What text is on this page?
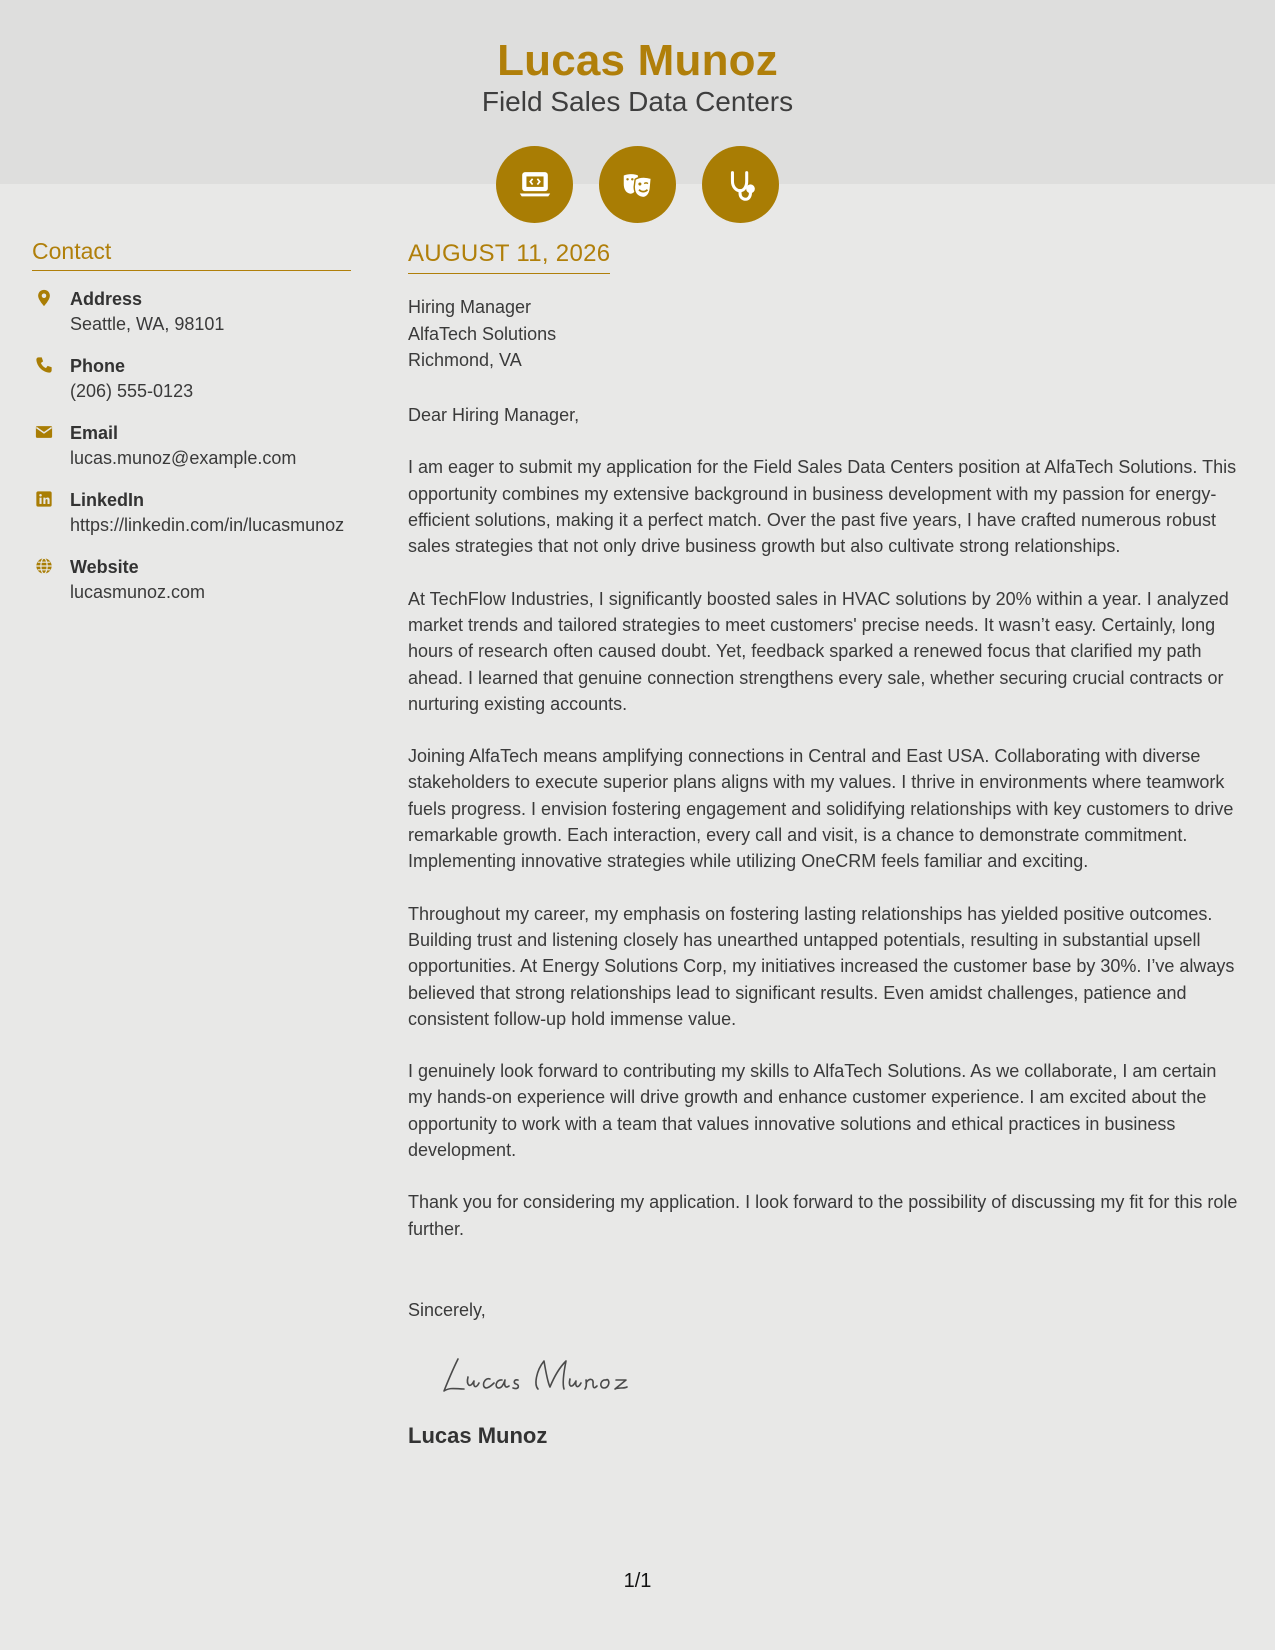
Lucas Munoz
Field Sales Data Centers
Contact
Address
Seattle, WA, 98101
Phone
(206) 555-0123
Email
lucas.munoz@example.com
LinkedIn
https://linkedin.com/in/lucasmunoz
Website
lucasmunoz.com
AUGUST 11, 2026
Hiring Manager
AlfaTech Solutions
Richmond, VA
Dear Hiring Manager,
I am eager to submit my application for the Field Sales Data Centers position at AlfaTech Solutions. This opportunity combines my extensive background in business development with my passion for energy-efficient solutions, making it a perfect match. Over the past five years, I have crafted numerous robust sales strategies that not only drive business growth but also cultivate strong relationships.
At TechFlow Industries, I significantly boosted sales in HVAC solutions by 20% within a year. I analyzed market trends and tailored strategies to meet customers' precise needs. It wasn’t easy. Certainly, long hours of research often caused doubt. Yet, feedback sparked a renewed focus that clarified my path ahead. I learned that genuine connection strengthens every sale, whether securing crucial contracts or nurturing existing accounts.
Joining AlfaTech means amplifying connections in Central and East USA. Collaborating with diverse stakeholders to execute superior plans aligns with my values. I thrive in environments where teamwork fuels progress. I envision fostering engagement and solidifying relationships with key customers to drive remarkable growth. Each interaction, every call and visit, is a chance to demonstrate commitment. Implementing innovative strategies while utilizing OneCRM feels familiar and exciting.
Throughout my career, my emphasis on fostering lasting relationships has yielded positive outcomes. Building trust and listening closely has unearthed untapped potentials, resulting in substantial upsell opportunities. At Energy Solutions Corp, my initiatives increased the customer base by 30%. I’ve always believed that strong relationships lead to significant results. Even amidst challenges, patience and consistent follow-up hold immense value.
I genuinely look forward to contributing my skills to AlfaTech Solutions. As we collaborate, I am certain my hands-on experience will drive growth and enhance customer experience. I am excited about the opportunity to work with a team that values innovative solutions and ethical practices in business development.
Thank you for considering my application. I look forward to the possibility of discussing my fit for this role further.
Sincerely,
Lucas Munoz
1/1
